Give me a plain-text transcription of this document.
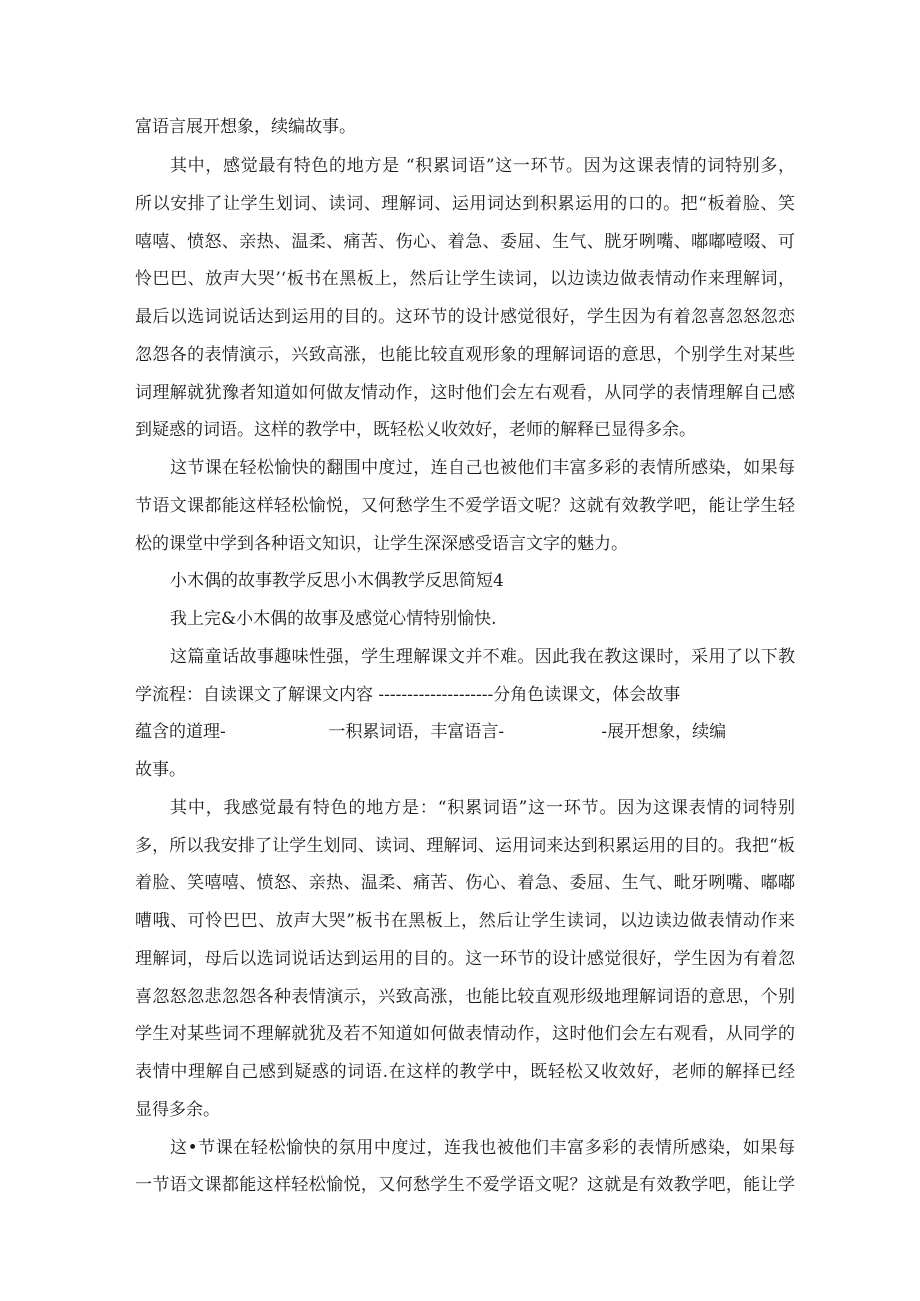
富语言展开想象，续编故事。
其中，感觉最有特色的地方是 “积累词语”这一环节。因为这课表情的词特别多，
所以安排了让学生划词、读词、理解词、运用词达到积累运用的口的。把“板着脸、笑
嘻嘻、愤怒、亲热、温柔、痛苦、伤心、着急、委屈、生气、胱牙咧嘴、嘟嘟噎啜、可
怜巴巴、放声大哭’‘板书在黑板上，然后让学生读词，以边读边做表情动作来理解词，
最后以选词说话达到运用的目的。这环节的设计感觉很好，学生因为有着忽喜忽怒忽恋
忽怨各的表情演示，兴致高涨，也能比较直观形象的理解词语的意思，个别学生对某些
词理解就犹豫者知道如何做友情动作，这时他们会左右观看，从同学的表情理解自己感
到疑惑的词语。这样的教学中，既轻松乂收效好，老师的解释已显得多余。
这节课在轻松愉快的翻围中度过，连自己也被他们丰富多彩的表情所感染，如果每
节语文课都能这样轻松愉悦，又何愁学生不爱学语文呢？这就有效教学吧，能让学生轻
松的课堂中学到各种语文知识，让学生深深感受语言文字的魅力。
小木偶的故事教学反思小木偶教学反思简短4
我上完&小木偶的故事及感觉心情特别愉快.
这篇童话故事趣味性强，学生理解课文并不难。因此我在教这课时，采用了以下教
学流程：自读课文了解课文内容 --------------------分角色读课文，体会故事
蕴含的道理-                   一积累词语，丰富语言-                  -展开想象，续编
故事。
其中，我感觉最有特色的地方是：“积累词语”这一环节。因为这课表情的词特别
多，所以我安排了让学生划同、读词、理解词、运用词来达到积累运用的目的。我把“板
着脸、笑嘻嘻、愤怒、亲热、温柔、痛苦、伤心、着急、委屈、生气、毗牙咧嘴、嘟嘟
嘈哦、可怜巴巴、放声大哭”板书在黑板上，然后让学生读词，以边读边做表情动作来
理解词，母后以选词说话达到运用的目的。这一环节的设计感觉很好，学生因为有着忽
喜忽怒忽悲忽怨各种表情演示，兴致高涨，也能比较直观形级地理解词语的意思，个别
学生对某些词不理解就犹及若不知道如何做表情动作，这时他们会左右观看，从同学的
表情中理解自己感到疑惑的词语.在这样的教学中，既轻松又收效好，老师的解择已经
显得多余。
这•节课在轻松愉快的氛用中度过，连我也被他们丰富多彩的表情所感染，如果每
一节语文课都能这样轻松愉悦，又何愁学生不爱学语文呢？这就是有效教学吧，能让学
